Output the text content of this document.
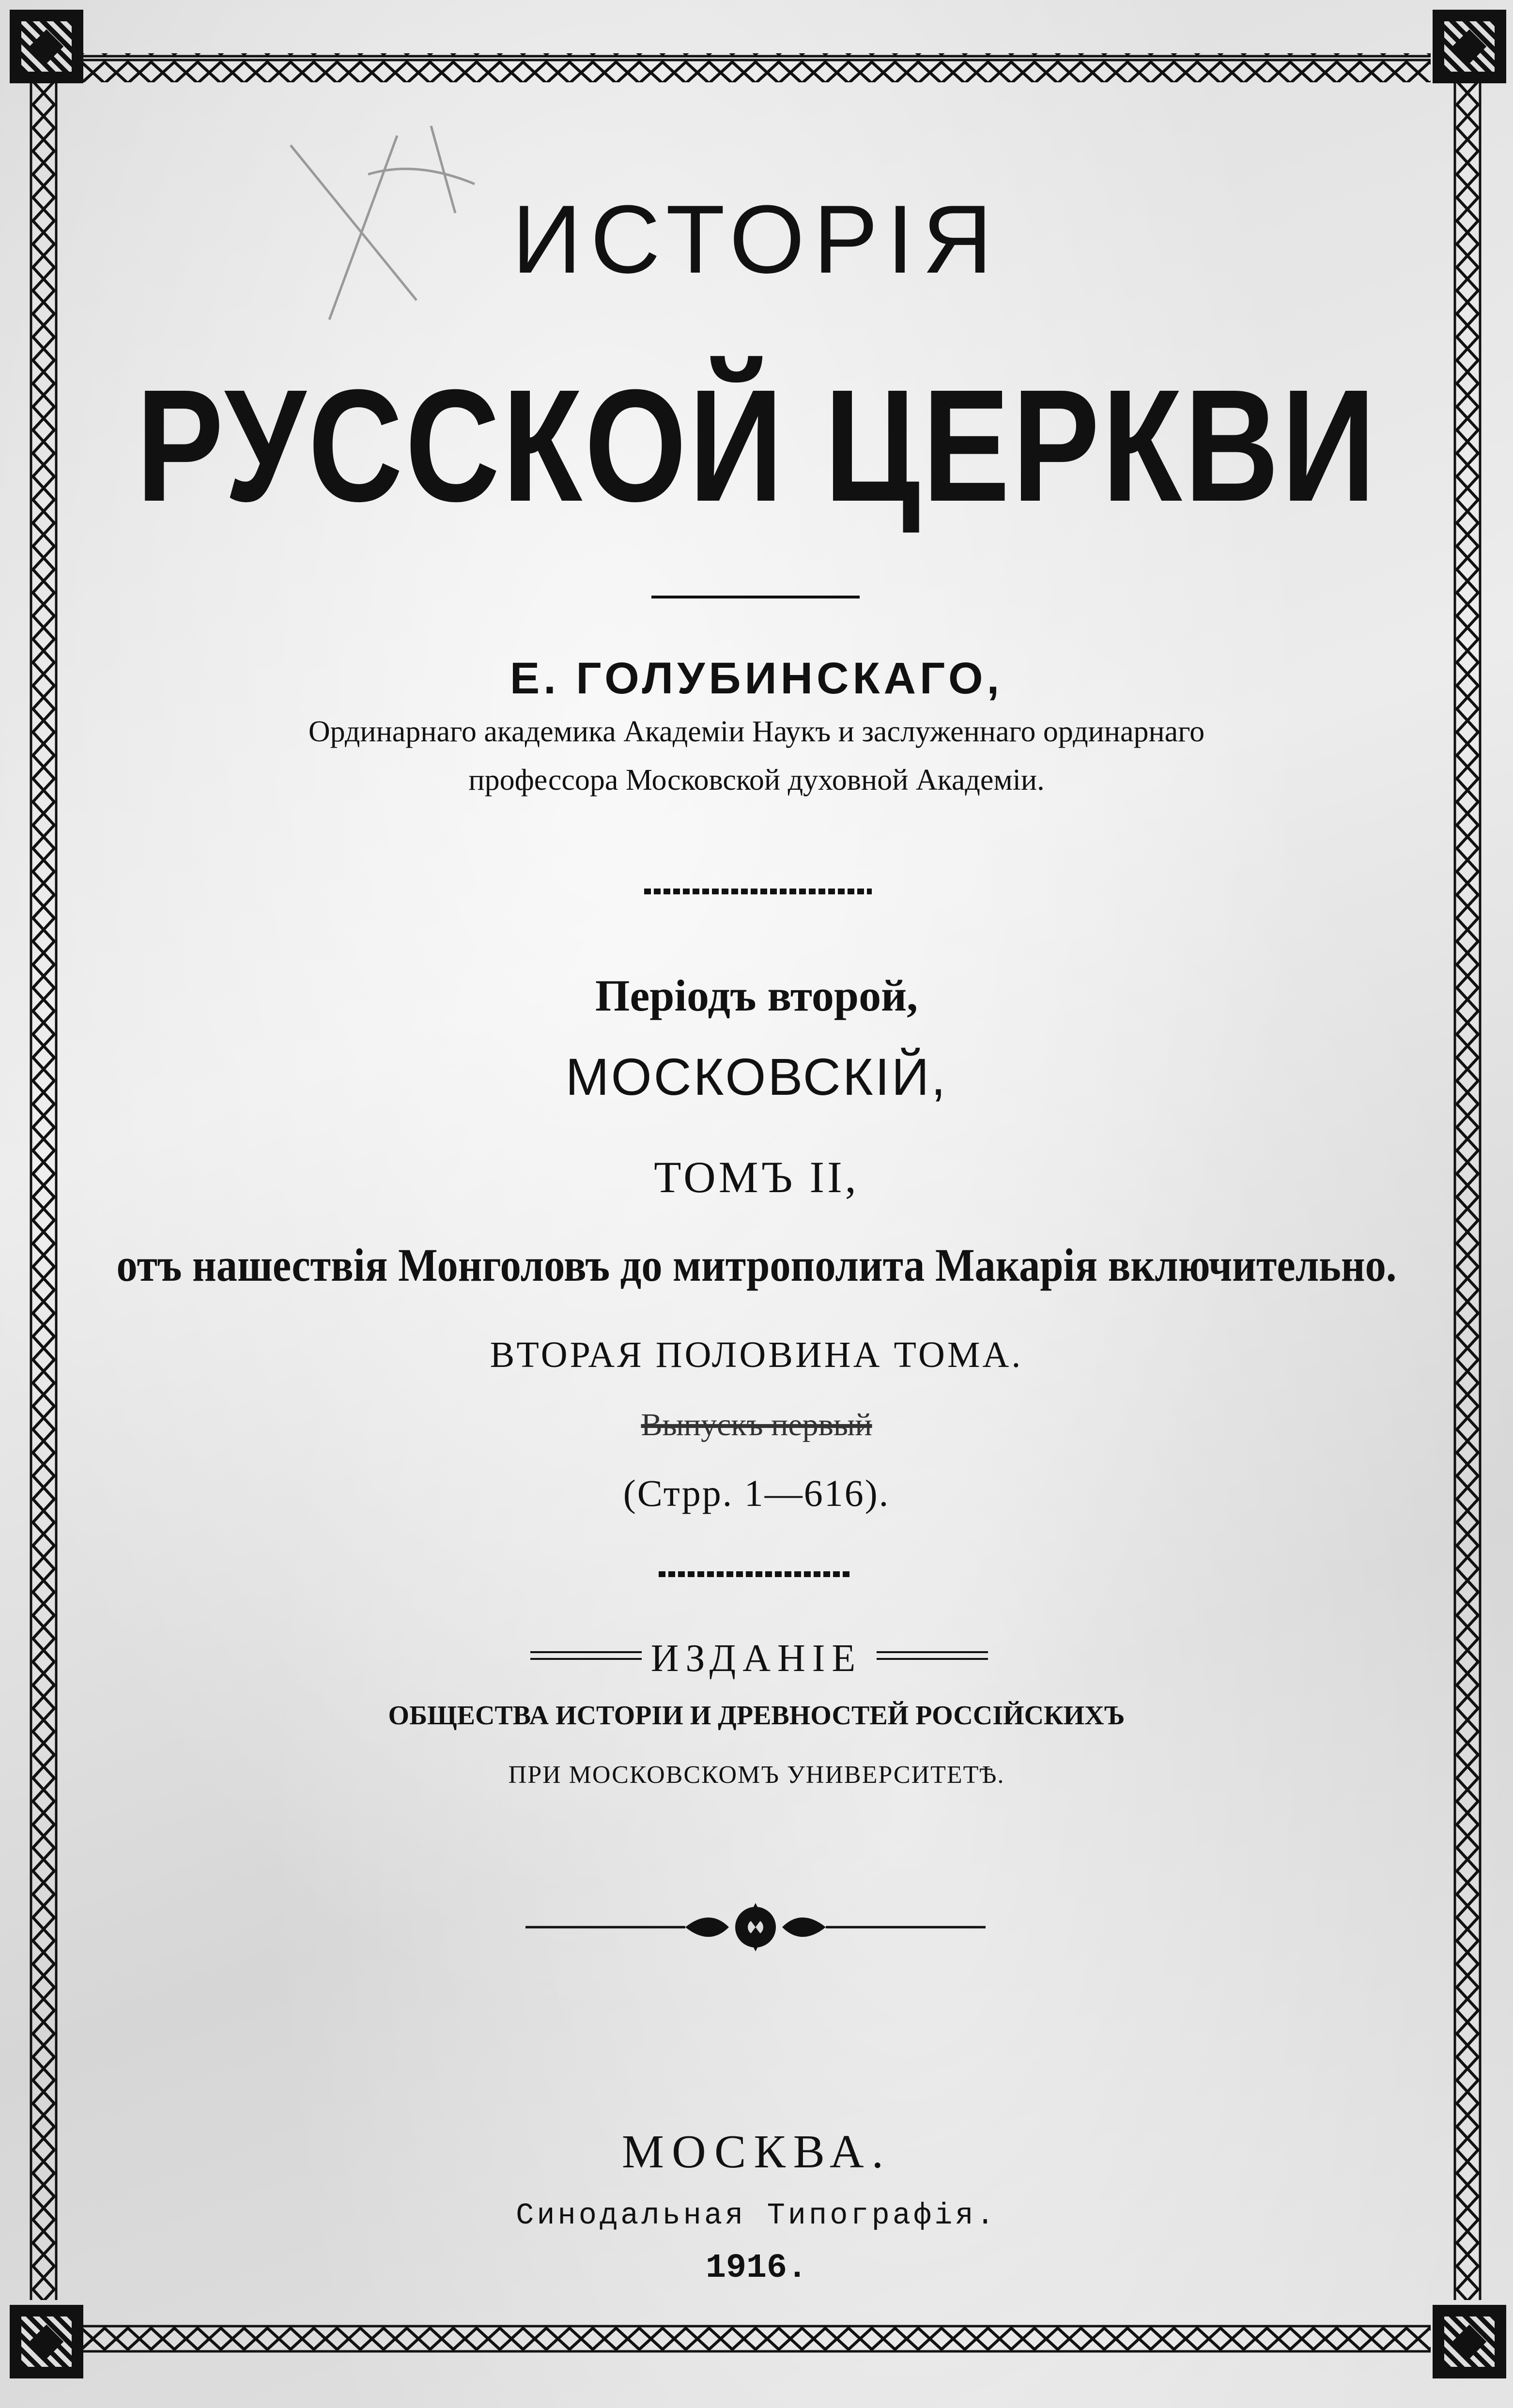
ИСТОРІЯ
РУССКОЙ ЦЕРКВИ
Е. ГОЛУБИНСКАГО,
Ординарнаго академика Академіи Наукъ и заслуженнаго ординарнаго
профессора Московской духовной Академіи.
Періодъ второй,
МОСКОВСКІЙ,
ТОМЪ II,
отъ нашествія Монголовъ до митрополита Макарія включительно.
ВТОРАЯ ПОЛОВИНА ТОМА.
Выпускъ первый
(Стрр. 1—616).
ИЗДАНІЕ
ОБЩЕСТВА ИСТОРІИ И ДРЕВНОСТЕЙ РОССІЙСКИХЪ
ПРИ МОСКОВСКОМЪ УНИВЕРСИТЕТѢ.
МОСКВА.
Синодальная Типографія.
1916.
